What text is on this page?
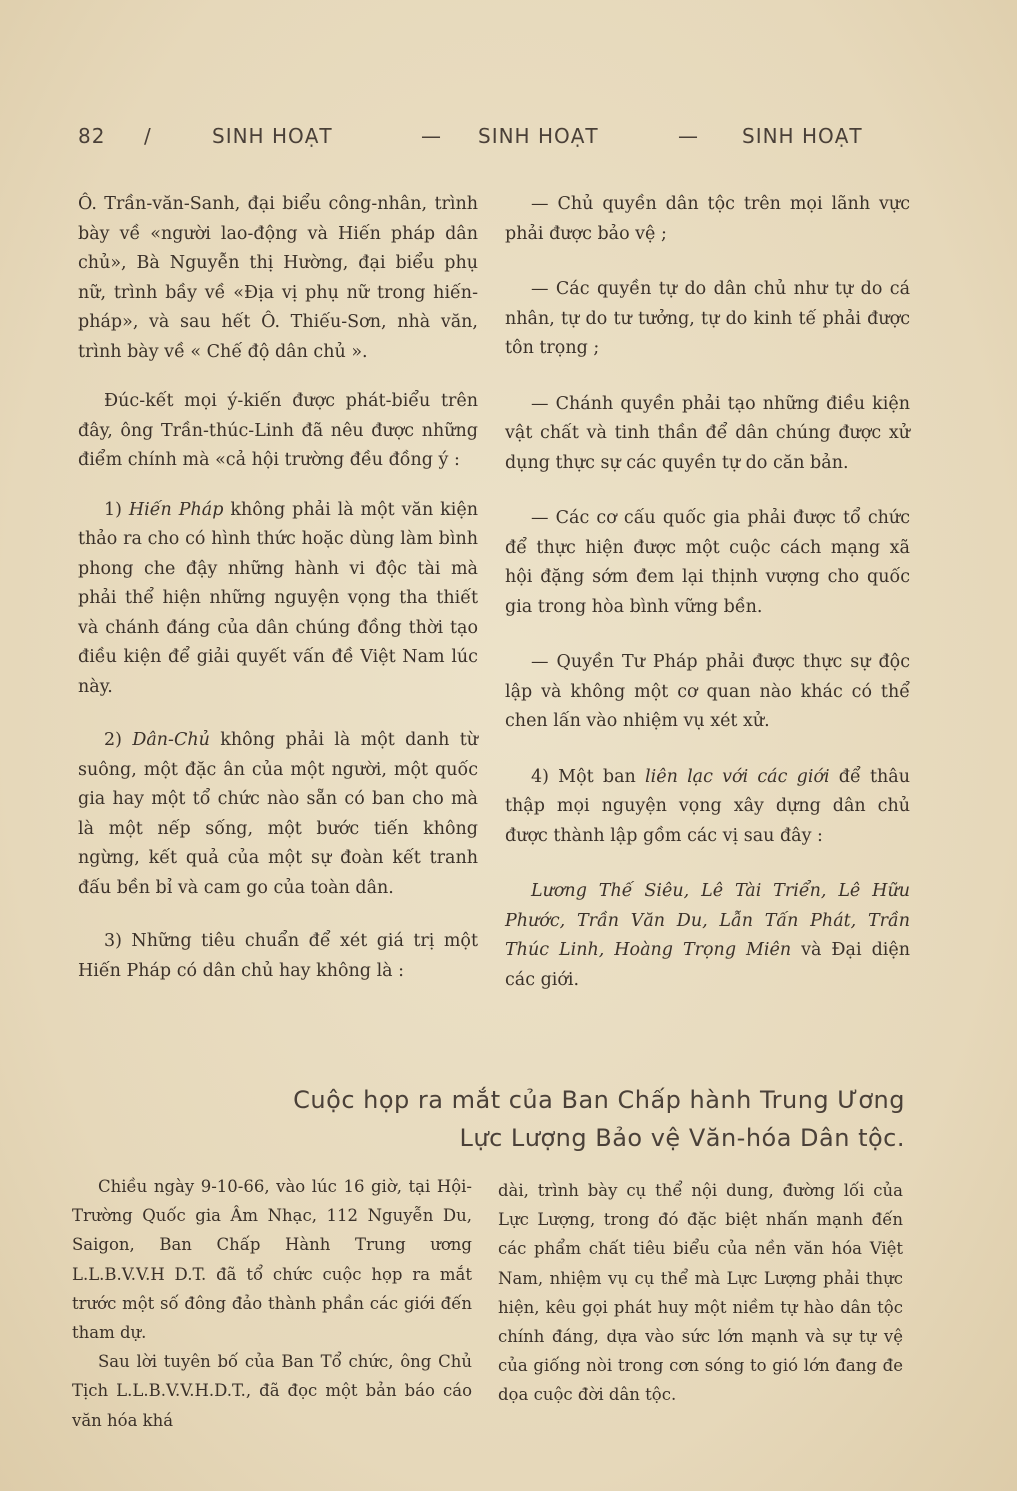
82 /	SINH HOẠT	— SINH HOẠT	— SINH HOẠT

Ô. Trần-văn-Sanh, đại biểu công-nhân, trình bày về «người lao-động và Hiến pháp dân chủ», Bà Nguyễn thị Hường, đại biểu phụ nữ, trình bầy về «Địa vị phụ nữ trong hiến-pháp», và sau hết Ô. Thiếu-Sơn, nhà văn, trình bày về « Chế độ dân chủ ».

Đúc-kết mọi ý-kiến được phát-biểu trên đây, ông Trần-thúc-Linh đã nêu được những điểm chính mà «cả hội trường đều đồng ý :

1) Hiến Pháp không phải là một văn kiện thảo ra cho có hình thức hoặc dùng làm bình phong che đậy những hành vi độc tài mà phải thể hiện những nguyện vọng tha thiết và chánh đáng của dân chúng đồng thời tạo điều kiện để giải quyết vấn đề Việt Nam lúc này.

2) Dân-Chủ không phải là một danh từ suông, một đặc ân của một người, một quốc gia hay một tổ chức nào sẵn có ban cho mà là một nếp sống, một bước tiến không ngừng, kết quả của một sự đoàn kết tranh đấu bền bỉ và cam go của toàn dân.

3) Những tiêu chuẩn để xét giá trị một Hiến Pháp có dân chủ hay không là :

— Chủ quyền dân tộc trên mọi lãnh vực phải được bảo vệ ;

— Các quyền tự do dân chủ như tự do cá nhân, tự do tư tưởng, tự do kinh tế phải được tôn trọng ;

— Chánh quyền phải tạo những điều kiện vật chất và tinh thần để dân chúng được xử dụng thực sự các quyền tự do căn bản.

— Các cơ cấu quốc gia phải được tổ chức để thực hiện được một cuộc cách mạng xã hội đặng sớm đem lại thịnh vượng cho quốc gia trong hòa bình vững bền.

— Quyền Tư Pháp phải được thực sự độc lập và không một cơ quan nào khác có thể chen lấn vào nhiệm vụ xét xử.

4) Một ban liên lạc với các giới để thâu thập mọi nguyện vọng xây dựng dân chủ được thành lập gồm các vị sau đây :

Lương Thế Siêu, Lê Tài Triển, Lê Hữu Phước, Trần Văn Du, Lẫn Tấn Phát, Trần Thúc Linh, Hoàng Trọng Miên và Đại diện các giới.

Cuộc họp ra mắt của Ban Chấp hành Trung Ương
Lực Lượng Bảo vệ Văn-hóa Dân tộc.

Chiều ngày 9-10-66, vào lúc 16 giờ, tại Hội-Trường Quốc gia Âm Nhạc, 112 Nguyễn Du, Saigon, Ban Chấp Hành Trung ương L.L.B.V.V.H D.T. đã tổ chức cuộc họp ra mắt trước một số đông đảo thành phần các giới đến tham dự.

Sau lời tuyên bố của Ban Tổ chức, ông Chủ Tịch L.L.B.V.V.H.D.T., đã đọc một bản báo cáo văn hóa khá

dài, trình bày cụ thể nội dung, đường lối của Lực Lượng, trong đó đặc biệt nhấn mạnh đến các phẩm chất tiêu biểu của nền văn hóa Việt Nam, nhiệm vụ cụ thể mà Lực Lượng phải thực hiện, kêu gọi phát huy một niềm tự hào dân tộc chính đáng, dựa vào sức lớn mạnh và sự tự vệ của giống nòi trong cơn sóng to gió lớn đang đe dọa cuộc đời dân tộc.
